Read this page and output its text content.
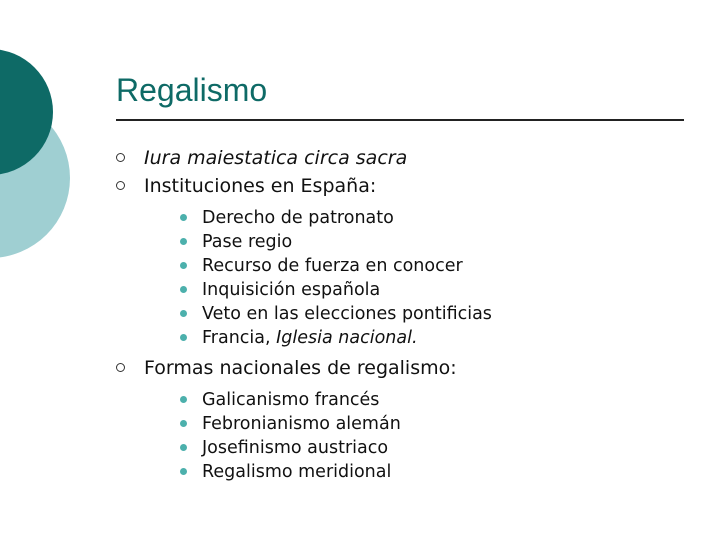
Regalismo
Iura maiestatica circa sacra
Instituciones en España:
Derecho de patronato
Pase regio
Recurso de fuerza en conocer
Inquisición española
Veto en las elecciones pontificias
Francia, Iglesia nacional.
Formas nacionales de regalismo:
Galicanismo francés
Febronianismo alemán
Josefinismo austriaco
Regalismo meridional
